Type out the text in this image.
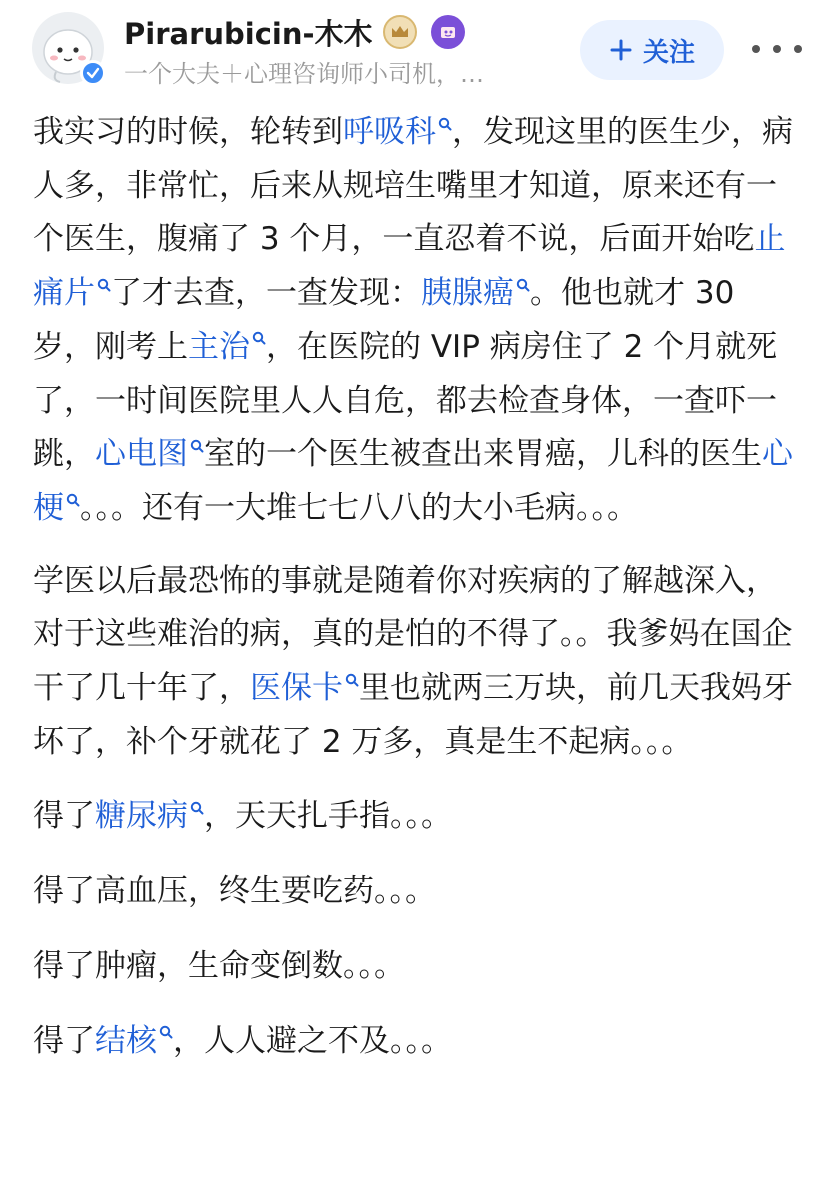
Pirarubicin-木木
一个大夫＋心理咨询师小司机，…
关注

我实习的时候，轮转到呼吸科 ，发现这里的医生少，病人多，非常忙，后来从规培生嘴里才知道，原来还有一个医生，腹痛了 3 个月，一直忍着不说，后面开始吃止痛片 了才去查，一查发现：胰腺癌 。他也就才 30 岁，刚考上主治 ，在医院的 VIP 病房住了 2 个月就死了，一时间医院里人人自危，都去检查身体，一查吓一跳，心电图 室的一个医生被查出来胃癌，儿科的医生心梗 。。。还有一大堆七七八八的大小毛病。。。

学医以后最恐怖的事就是随着你对疾病的了解越深入，对于这些难治的病，真的是怕的不得了。。我爹妈在国企干了几十年了，医保卡 里也就两三万块，前几天我妈牙坏了，补个牙就花了 2 万多，真是生不起病。。。

得了糖尿病 ，天天扎手指。。。

得了高血压，终生要吃药。。。

得了肿瘤，生命变倒数。。。

得了结核 ，人人避之不及。。。
